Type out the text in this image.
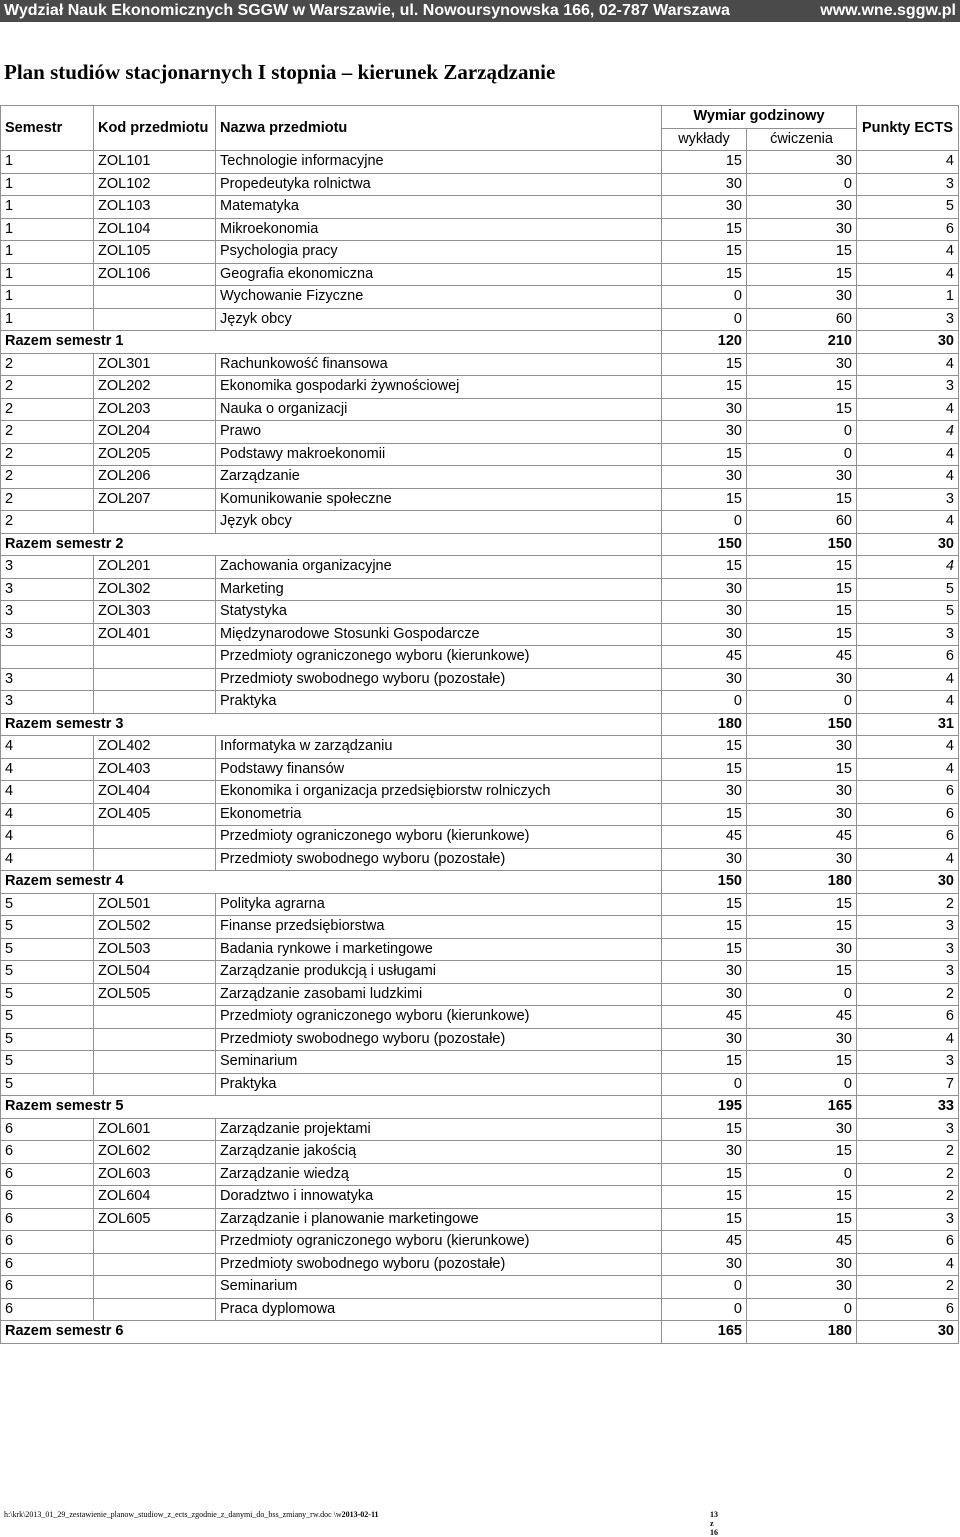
Wydział Nauk Ekonomicznych SGGW w Warszawie, ul. Nowoursynowska 166, 02-787 Warszawa	www.wne.sggw.pl
Plan studiów stacjonarnych I stopnia – kierunek Zarządzanie
Semestr	Kod przedmiotu	Nazwa przedmiotu	Wymiar godzinowy		Punkty ECTS
			wykłady	ćwiczenia	
1	ZOL101	Technologie informacyjne	15	30	4
1	ZOL102	Propedeutyka rolnictwa	30	0	3
1	ZOL103	Matematyka	30	30	5
1	ZOL104	Mikroekonomia	15	30	6
1	ZOL105	Psychologia pracy	15	15	4
1	ZOL106	Geografia ekonomiczna	15	15	4
1		Wychowanie Fizyczne	0	30	1
1		Język obcy	0	60	3
Razem semestr 1			120	210	30
2	ZOL301	Rachunkowość finansowa	15	30	4
2	ZOL202	Ekonomika gospodarki żywnościowej	15	15	3
2	ZOL203	Nauka o organizacji	30	15	4
2	ZOL204	Prawo	30	0	4
2	ZOL205	Podstawy makroekonomii	15	0	4
2	ZOL206	Zarządzanie	30	30	4
2	ZOL207	Komunikowanie społeczne	15	15	3
2		Język obcy	0	60	4
Razem semestr 2			150	150	30
3	ZOL201	Zachowania organizacyjne	15	15	4
3	ZOL302	Marketing	30	15	5
3	ZOL303	Statystyka	30	15	5
3	ZOL401	Międzynarodowe Stosunki Gospodarcze	30	15	3
		Przedmioty ograniczonego wyboru (kierunkowe)	45	45	6
3		Przedmioty swobodnego wyboru (pozostałe)	30	30	4
3		Praktyka	0	0	4
Razem semestr 3			180	150	31
4	ZOL402	Informatyka w zarządzaniu	15	30	4
4	ZOL403	Podstawy finansów	15	15	4
4	ZOL404	Ekonomika i organizacja przedsiębiorstw rolniczych	30	30	6
4	ZOL405	Ekonometria	15	30	6
4		Przedmioty ograniczonego wyboru (kierunkowe)	45	45	6
4		Przedmioty swobodnego wyboru (pozostałe)	30	30	4
Razem semestr 4			150	180	30
5	ZOL501	Polityka agrarna	15	15	2
5	ZOL502	Finanse przedsiębiorstwa	15	15	3
5	ZOL503	Badania rynkowe i marketingowe	15	30	3
5	ZOL504	Zarządzanie produkcją i usługami	30	15	3
5	ZOL505	Zarządzanie zasobami ludzkimi	30	0	2
5		Przedmioty ograniczonego wyboru (kierunkowe)	45	45	6
5		Przedmioty swobodnego wyboru (pozostałe)	30	30	4
5		Seminarium	15	15	3
5		Praktyka	0	0	7
Razem semestr 5			195	165	33
6	ZOL601	Zarządzanie projektami	15	30	3
6	ZOL602	Zarządzanie jakością	30	15	2
6	ZOL603	Zarządzanie wiedzą	15	0	2
6	ZOL604	Doradztwo i innowatyka	15	15	2
6	ZOL605	Zarządzanie i planowanie marketingowe	15	15	3
6		Przedmioty ograniczonego wyboru (kierunkowe)	45	45	6
6		Przedmioty swobodnego wyboru (pozostałe)	30	30	4
6		Seminarium	0	30	2
6		Praca dyplomowa	0	0	6
Razem semestr 6			165	180	30
h:\krk\2013_01_29_zestawienie_planow_studiow_z_ects_zgodnie_z_danymi_do_bss_zmiany_rw.doc \w2013-02-11	13 z 16
